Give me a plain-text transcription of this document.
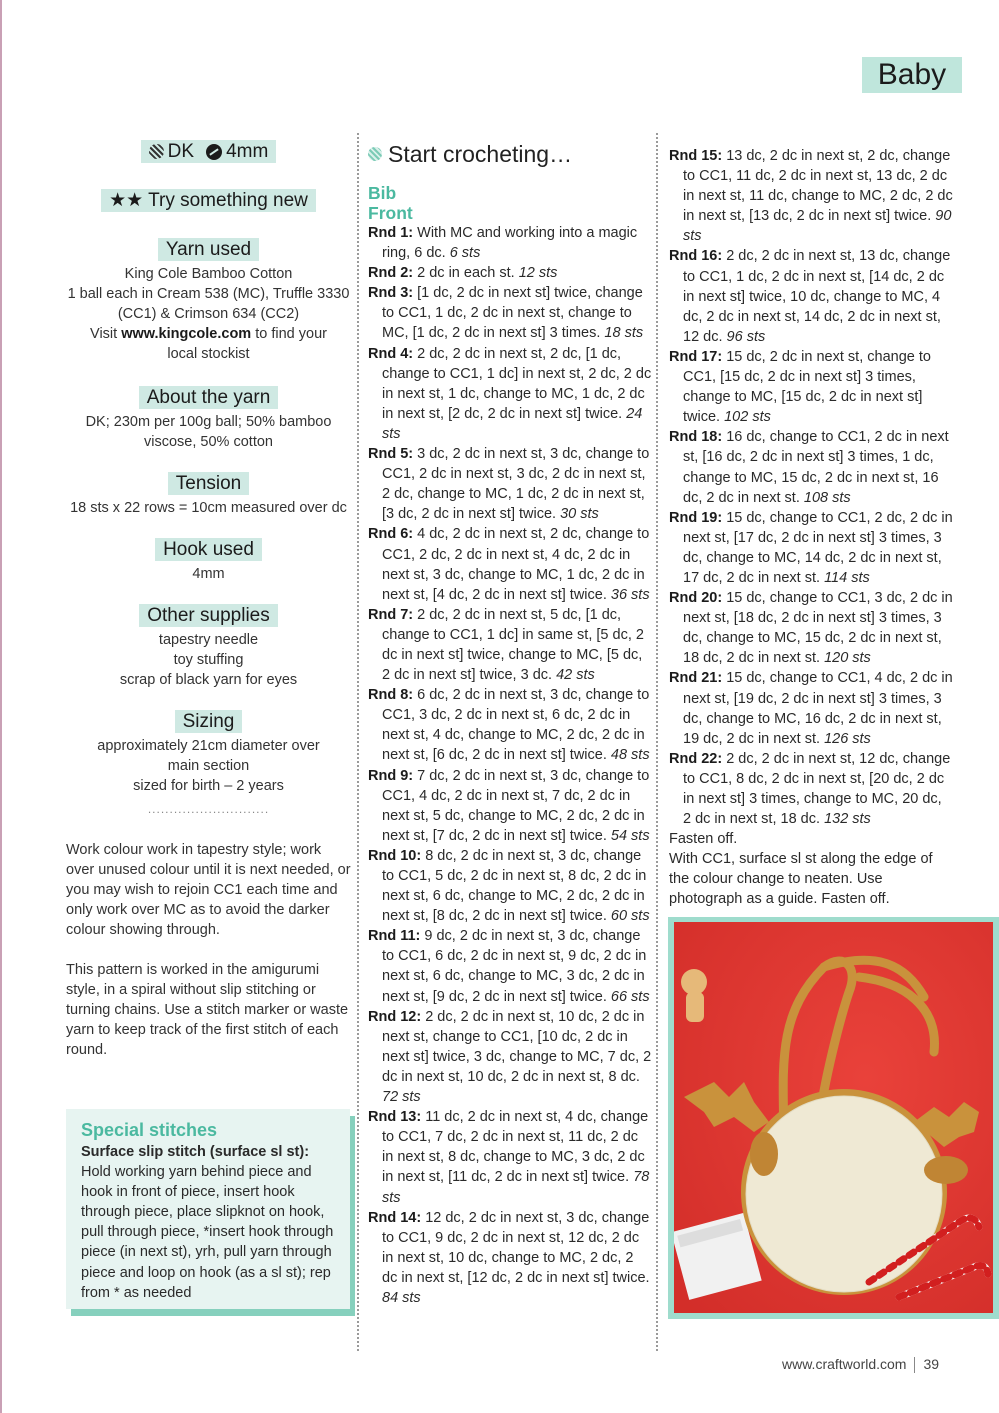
Baby
DK 4mm
★★ Try something new
Yarn used
King Cole Bamboo Cotton
1 ball each in Cream 538 (MC), Truffle 3330
(CC1) & Crimson 634 (CC2)
Visit www.kingcole.com to find your
local stockist
About the yarn
DK; 230m per 100g ball; 50% bamboo
viscose, 50% cotton
Tension
18 sts x 22 rows = 10cm measured over dc
Hook used
4mm
Other supplies
tapestry needle
toy stuffing
scrap of black yarn for eyes
Sizing
approximately 21cm diameter over
main section
sized for birth – 2 years
............................
Work colour work in tapestry style; work over unused colour until it is next needed, or you may wish to rejoin CC1 each time and only work over MC as to avoid the darker colour showing through.
This pattern is worked in the amigurumi style, in a spiral without slip stitching or turning chains. Use a stitch marker or waste yarn to keep track of the first stitch of each round.
Special stitches
Surface slip stitch (surface sl st): Hold working yarn behind piece and hook in front of piece, insert hook through piece, place slipknot on hook, pull through piece, *insert hook through piece (in next st), yrh, pull yarn through piece and loop on hook (as a sl st); rep from * as needed
Start crocheting…
Bib
Front

Rnd 1: With MC and working into a magic ring, 6 dc. 6 sts

Rnd 2: 2 dc in each st. 12 sts

Rnd 3: [1 dc, 2 dc in next st] twice, change to CC1, 1 dc, 2 dc in next st, change to MC, [1 dc, 2 dc in next st] 3 times. 18 sts

Rnd 4: 2 dc, 2 dc in next st, 2 dc, [1 dc, change to CC1, 1 dc] in next st, 2 dc, 2 dc in next st, 1 dc, change to MC, 1 dc, 2 dc in next st, [2 dc, 2 dc in next st] twice. 24 sts

Rnd 5: 3 dc, 2 dc in next st, 3 dc, change to CC1, 2 dc in next st, 3 dc, 2 dc in next st, 2 dc, change to MC, 1 dc, 2 dc in next st, [3 dc, 2 dc in next st] twice. 30 sts

Rnd 6: 4 dc, 2 dc in next st, 2 dc, change to CC1, 2 dc, 2 dc in next st, 4 dc, 2 dc in next st, 3 dc, change to MC, 1 dc, 2 dc in next st, [4 dc, 2 dc in next st] twice. 36 sts

Rnd 7: 2 dc, 2 dc in next st, 5 dc, [1 dc, change to CC1, 1 dc] in same st, [5 dc, 2 dc in next st] twice, change to MC, [5 dc, 2 dc in next st] twice, 3 dc. 42 sts

Rnd 8: 6 dc, 2 dc in next st, 3 dc, change to CC1, 3 dc, 2 dc in next st, 6 dc, 2 dc in next st, 4 dc, change to MC, 2 dc, 2 dc in next st, [6 dc, 2 dc in next st] twice. 48 sts

Rnd 9: 7 dc, 2 dc in next st, 3 dc, change to CC1, 4 dc, 2 dc in next st, 7 dc, 2 dc in next st, 5 dc, change to MC, 2 dc, 2 dc in next st, [7 dc, 2 dc in next st] twice. 54 sts

Rnd 10: 8 dc, 2 dc in next st, 3 dc, change to CC1, 5 dc, 2 dc in next st, 8 dc, 2 dc in next st, 6 dc, change to MC, 2 dc, 2 dc in next st, [8 dc, 2 dc in next st] twice. 60 sts

Rnd 11: 9 dc, 2 dc in next st, 3 dc, change to CC1, 6 dc, 2 dc in next st, 9 dc, 2 dc in next st, 6 dc, change to MC, 3 dc, 2 dc in next st, [9 dc, 2 dc in next st] twice. 66 sts

Rnd 12: 2 dc, 2 dc in next st, 10 dc, 2 dc in next st, change to CC1, [10 dc, 2 dc in next st] twice, 3 dc, change to MC, 7 dc, 2 dc in next st, 10 dc, 2 dc in next st, 8 dc. 72 sts

Rnd 13: 11 dc, 2 dc in next st, 4 dc, change to CC1, 7 dc, 2 dc in next st, 11 dc, 2 dc in next st, 8 dc, change to MC, 3 dc, 2 dc in next st, [11 dc, 2 dc in next st] twice. 78 sts

Rnd 14: 12 dc, 2 dc in next st, 3 dc, change to CC1, 9 dc, 2 dc in next st, 12 dc, 2 dc in next st, 10 dc, change to MC, 2 dc, 2 dc in next st, [12 dc, 2 dc in next st] twice. 84 sts

Rnd 15: 13 dc, 2 dc in next st, 2 dc, change to CC1, 11 dc, 2 dc in next st, 13 dc, 2 dc in next st, 11 dc, change to MC, 2 dc, 2 dc in next st, [13 dc, 2 dc in next st] twice. 90 sts

Rnd 16: 2 dc, 2 dc in next st, 13 dc, change to CC1, 1 dc, 2 dc in next st, [14 dc, 2 dc in next st] twice, 10 dc, change to MC, 4 dc, 2 dc in next st, 14 dc, 2 dc in next st, 12 dc. 96 sts

Rnd 17: 15 dc, 2 dc in next st, change to CC1, [15 dc, 2 dc in next st] 3 times, change to MC, [15 dc, 2 dc in next st] twice. 102 sts

Rnd 18: 16 dc, change to CC1, 2 dc in next st, [16 dc, 2 dc in next st] 3 times, 1 dc, change to MC, 15 dc, 2 dc in next st, 16 dc, 2 dc in next st. 108 sts

Rnd 19: 15 dc, change to CC1, 2 dc, 2 dc in next st, [17 dc, 2 dc in next st] 3 times, 3 dc, change to MC, 14 dc, 2 dc in next st, 17 dc, 2 dc in next st. 114 sts

Rnd 20: 15 dc, change to CC1, 3 dc, 2 dc in next st, [18 dc, 2 dc in next st] 3 times, 3 dc, change to MC, 15 dc, 2 dc in next st, 18 dc, 2 dc in next st. 120 sts

Rnd 21: 15 dc, change to CC1, 4 dc, 2 dc in next st, [19 dc, 2 dc in next st] 3 times, 3 dc, change to MC, 16 dc, 2 dc in next st, 19 dc, 2 dc in next st. 126 sts

Rnd 22: 2 dc, 2 dc in next st, 12 dc, change to CC1, 8 dc, 2 dc in next st, [20 dc, 2 dc in next st] 3 times, change to MC, 20 dc, 2 dc in next st, 18 dc. 132 sts

Fasten off.

With CC1, surface sl st along the edge of the colour change to neaten. Use photograph as a guide. Fasten off.

www.craftworld.com 39
